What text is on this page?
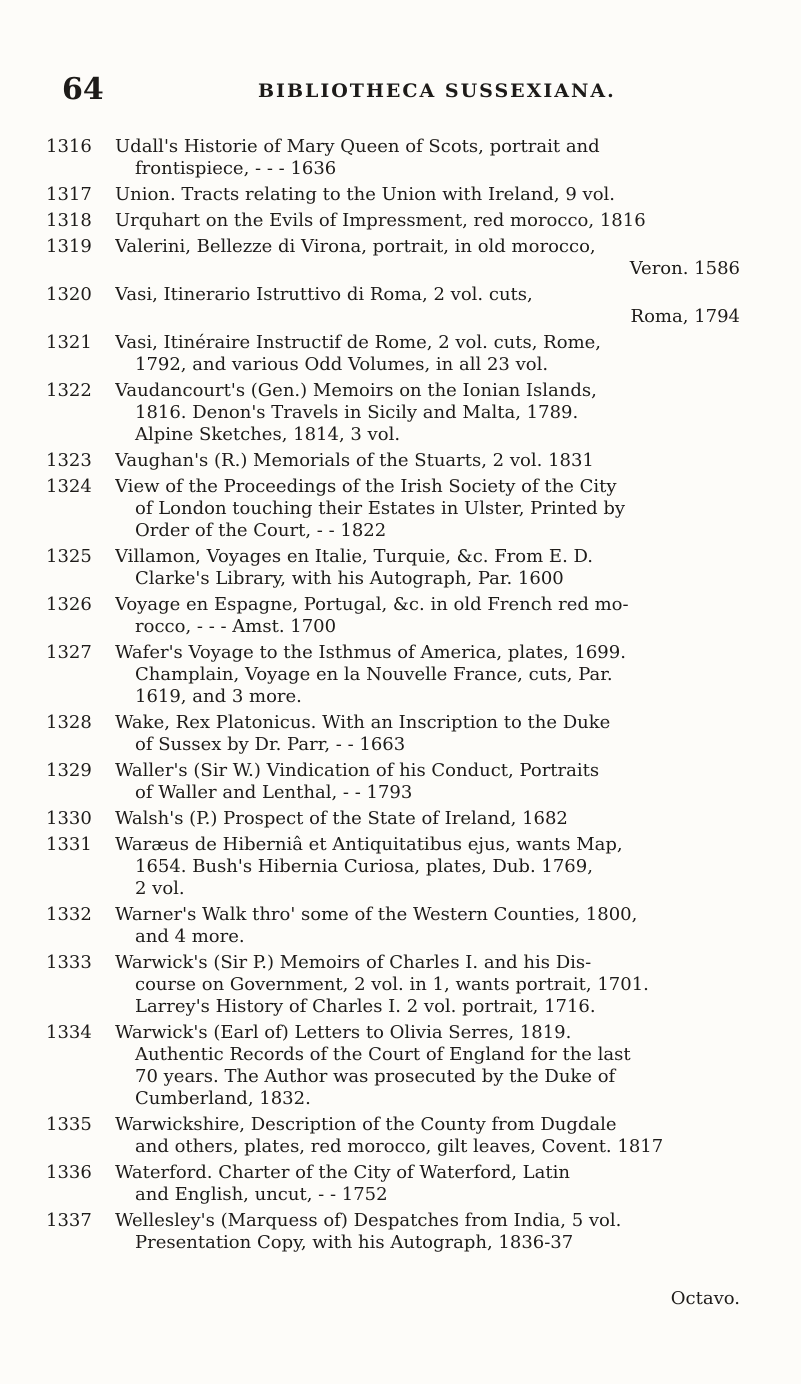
64	BIBLIOTHECA SUSSEXIANA.
1316 Udall's Historie of Mary Queen of Scots, portrait and
frontispiece, - - - 1636
1317 Union. Tracts relating to the Union with Ireland, 9 vol.
1318 Urquhart on the Evils of Impressment, red morocco, 1816
1319 Valerini, Bellezze di Virona, portrait, in old morocco,
Veron. 1586
1320 Vasi, Itinerario Istruttivo di Roma, 2 vol. cuts,
Roma, 1794
1321 Vasi, Itinéraire Instructif de Rome, 2 vol. cuts, Rome,
1792, and various Odd Volumes, in all 23 vol.
1322 Vaudancourt's (Gen.) Memoirs on the Ionian Islands,
1816. Denon's Travels in Sicily and Malta, 1789.
Alpine Sketches, 1814, 3 vol.
1323 Vaughan's (R.) Memorials of the Stuarts, 2 vol. 1831
1324 View of the Proceedings of the Irish Society of the City
of London touching their Estates in Ulster, Printed by
Order of the Court, - - 1822
1325 Villamon, Voyages en Italie, Turquie, &c. From E. D.
Clarke's Library, with his Autograph, Par. 1600
1326 Voyage en Espagne, Portugal, &c. in old French red mo-
rocco, - - - Amst. 1700
1327 Wafer's Voyage to the Isthmus of America, plates, 1699.
Champlain, Voyage en la Nouvelle France, cuts, Par.
1619, and 3 more.
1328 Wake, Rex Platonicus. With an Inscription to the Duke
of Sussex by Dr. Parr, - - 1663
1329 Waller's (Sir W.) Vindication of his Conduct, Portraits
of Waller and Lenthal, - - 1793
1330 Walsh's (P.) Prospect of the State of Ireland, 1682
1331 Waræus de Hiberniâ et Antiquitatibus ejus, wants Map,
1654. Bush's Hibernia Curiosa, plates, Dub. 1769,
2 vol.
1332 Warner's Walk thro' some of the Western Counties, 1800,
and 4 more.
1333 Warwick's (Sir P.) Memoirs of Charles I. and his Dis-
course on Government, 2 vol. in 1, wants portrait, 1701.
Larrey's History of Charles I. 2 vol. portrait, 1716.
1334 Warwick's (Earl of) Letters to Olivia Serres, 1819.
Authentic Records of the Court of England for the last
70 years. The Author was prosecuted by the Duke of
Cumberland, 1832.
1335 Warwickshire, Description of the County from Dugdale
and others, plates, red morocco, gilt leaves, Covent. 1817
1336 Waterford. Charter of the City of Waterford, Latin
and English, uncut, - - 1752
1337 Wellesley's (Marquess of) Despatches from India, 5 vol.
Presentation Copy, with his Autograph, 1836-37
Octavo.
